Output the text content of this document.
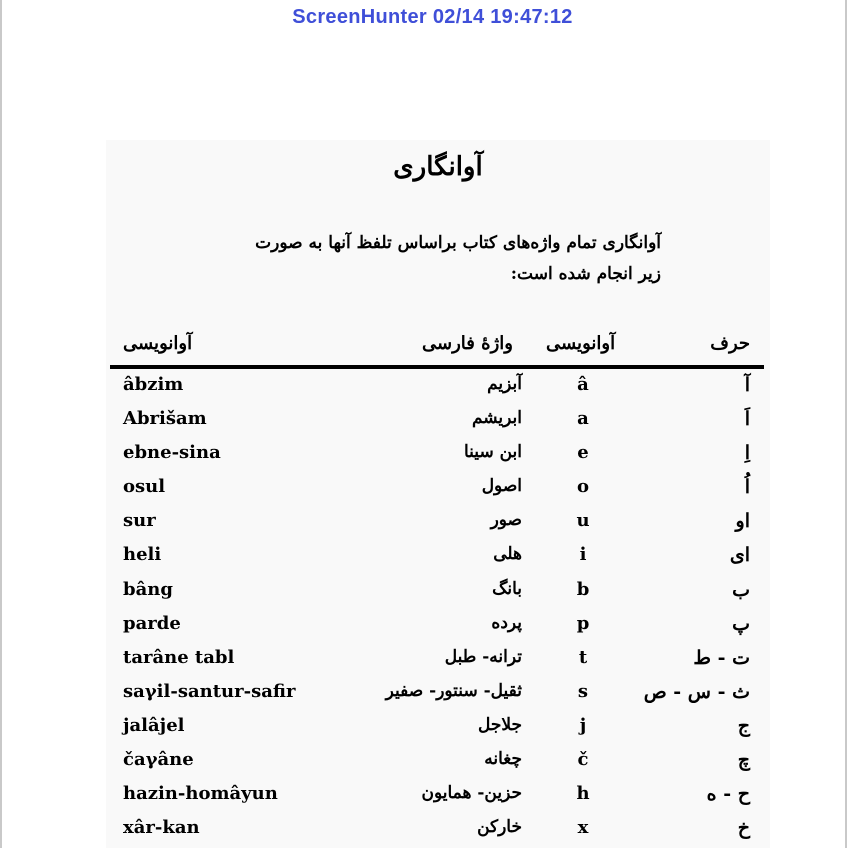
ScreenHunter 02/14 19:47:12
آوانگاری
آوانگاری تمام واژه‌های کتاب براساس تلفظ آنها به صورت
زیر انجام شده است:
حرف
آوانویسی
واژهٔ فارسی
آوانویسی
آ
â
آبزیم
âbzim
اَ
a
ابریشم
Abrišam
اِ
e
ابن سینا
ebne-sina
اُ
o
اصول
osul
او
u
صور
sur
ای
i
هلی
heli
ب
b
بانگ
bâng
پ
p
پرده
parde
ت - ط
t
ترانه- طبل
tarâne tabl
ث - س - ص
s
ثقیل- سنتور- صفیر
saγil-santur-safir
ج
j
جلاجل
jalâjel
چ
č
چغانه
čaγâne
ح - ه
h
حزین- همایون
hazin-homâyun
خ
x
خارکن
xâr-kan
